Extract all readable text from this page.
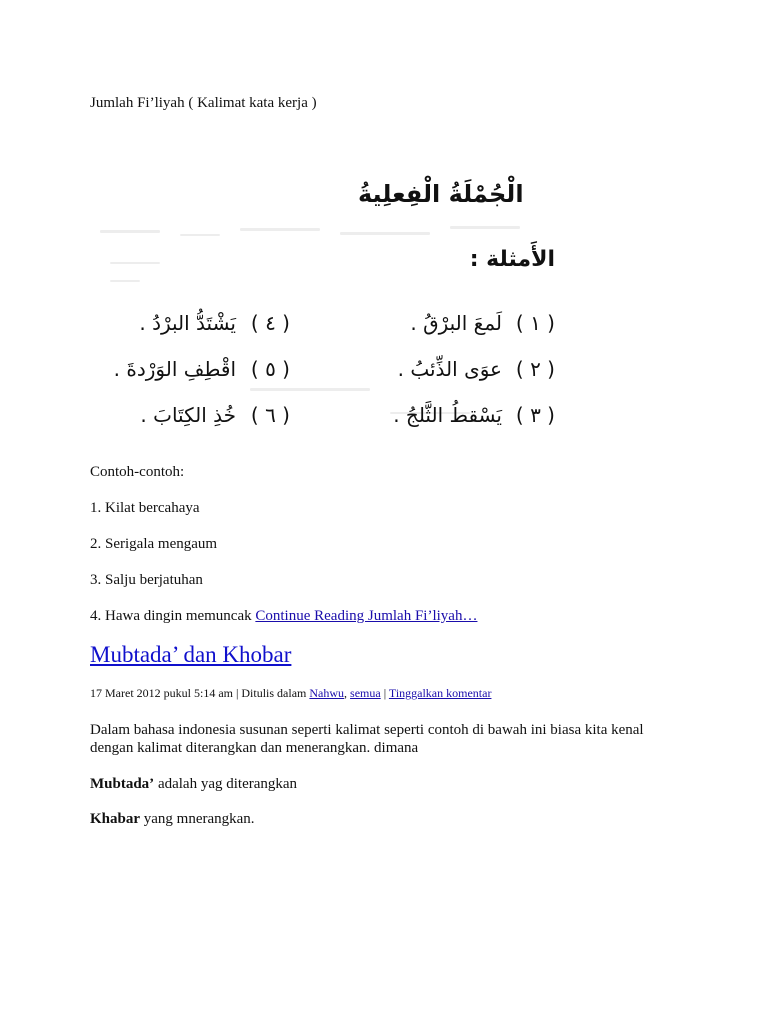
Jumlah Fi’liyah ( Kalimat kata kerja )

الْجُمْلَةُ الْفِعلِيةُ
الأَمثلة :
( ١ )
لَمعَ البرْقُ .
( ٤ )
يَشْتَدُّ البرْدُ .
( ٢ )
عوَى الذِّئبُ .
( ٥ )
اقْطِفِ الوَرْدةَ .
( ٣ )
يَسْقطُ الثَّلجُ .
( ٦ )
خُذِ الكِتَابَ .

Contoh-contoh:

1. Kilat bercahaya

2. Serigala mengaum

3. Salju berjatuhan

4. Hawa dingin memuncak Continue Reading Jumlah Fi’liyah…

Mubtada’ dan Khobar
17 Maret 2012 pukul 5:14 am | Ditulis dalam Nahwu, semua | Tinggalkan komentar

Dalam bahasa indonesia susunan seperti kalimat seperti contoh di bawah ini biasa kita kenal dengan kalimat diterangkan dan menerangkan. dimana

Mubtada’ adalah yag diterangkan

Khabar yang mnerangkan.
